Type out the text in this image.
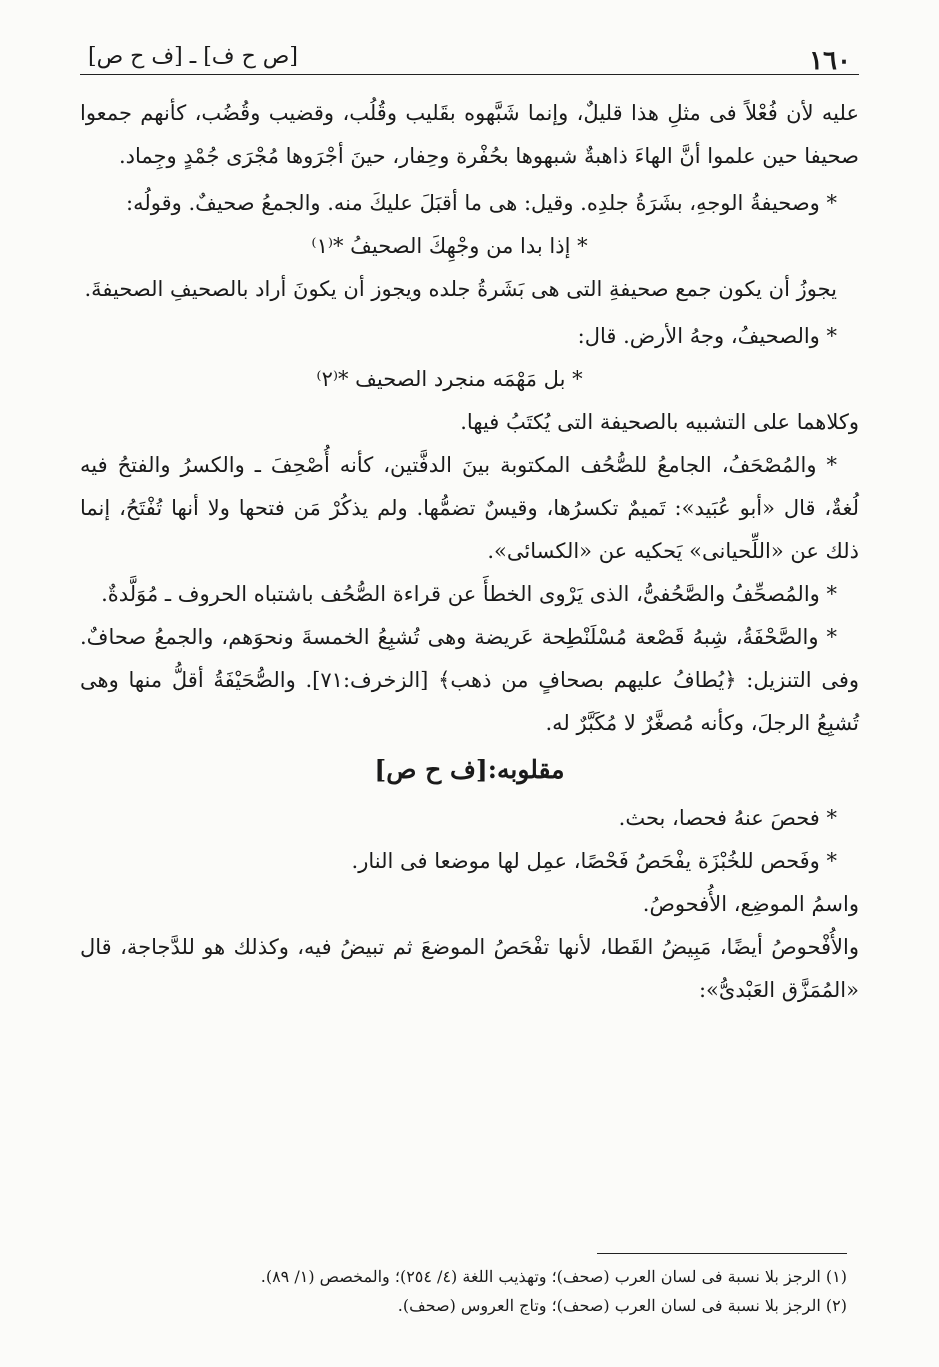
١٦٠
[ص ح ف] ـ [ف ح ص]

عليه لأن فُعْلاً فى مثلِ هذا قليلٌ، وإنما شَبَّهوه بقَليب وقُلُب، وقضيب وقُضُب، كأنهم جمعوا صحيفا حين علموا أنَّ الهاءَ ذاهبةٌ شبهوها بحُفْرة وحِفار، حينَ أجْرَوها مُجْرَى جُمْدٍ وجِماد.

* وصحيفةُ الوجهِ، بشَرَةُ جلدِه. وقيل: هى ما أقبَلَ عليكَ منه. والجمعُ صحيفٌ. وقولُه:

* إذا بدا من وجْهِكَ الصحيفُ *⁽١⁾

يجوزُ أن يكون جمع صحيفةِ التى هى بَشَرةُ جلده ويجوز أن يكونَ أراد بالصحيفِ الصحيفةَ.

* والصحيفُ، وجهُ الأرض. قال:

* بل مَهْمَه منجرد الصحيف *⁽٢⁾

وكلاهما على التشبيه بالصحيفة التى يُكتَبُ فيها.

* والمُصْحَفُ، الجامعُ للصُّحُف المكتوبة بينَ الدفَّتين، كأنه أُصْحِفَ ـ والكسرُ والفتحُ فيه لُغةٌ، قال «أبو عُبَيد»: تَميمٌ تكسرُها، وقيسٌ تضمُّها. ولم يذكُرْ مَن فتحها ولا أنها تُفْتَحُ، إنما ذلك عن «اللِّحيانى» يَحكيه عن «الكسائى».

* والمُصحِّفُ والصَّحُفىُّ، الذى يَرْوى الخطأَ عن قراءة الصُّحُف باشتباه الحروف ـ مُوَلَّدةٌ.

* والصَّحْفَةُ، شِبهُ قَصْعة مُسْلَنْطِحة عَريضة وهى تُشبِعُ الخمسةَ ونحوَهم، والجمعُ صحافٌ. وفى التنزيل: ﴿يُطافُ عليهم بصحافٍ من ذهب﴾ [الزخرف:٧١]. والصُّحَيْفَةُ أقلُّ منها وهى تُشبِعُ الرجلَ، وكأنه مُصغَّرٌ لا مُكَبَّرٌ له.

مقلوبه:[ف ح ص]

* فحصَ عنهُ فحصا، بحث.

* وفَحص للخُبْزَة يفْحَصُ فَحْصًا، عمِل لها موضعا فى النار.

واسمُ الموضِع، الأُفحوصُ.

والأُفْحوصُ أيضًا، مَبِيضُ القَطا، لأنها تفْحَصُ الموضعَ ثم تبيضُ فيه، وكذلك هو للدَّجاجة، قال «المُمَزَّق العَبْدىُّ»:

(١) الرجز بلا نسبة فى لسان العرب (صحف)؛ وتهذيب اللغة (٤/ ٢٥٤)؛ والمخصص (١/ ٨٩).

(٢) الرجز بلا نسبة فى لسان العرب (صحف)؛ وتاج العروس (صحف).
